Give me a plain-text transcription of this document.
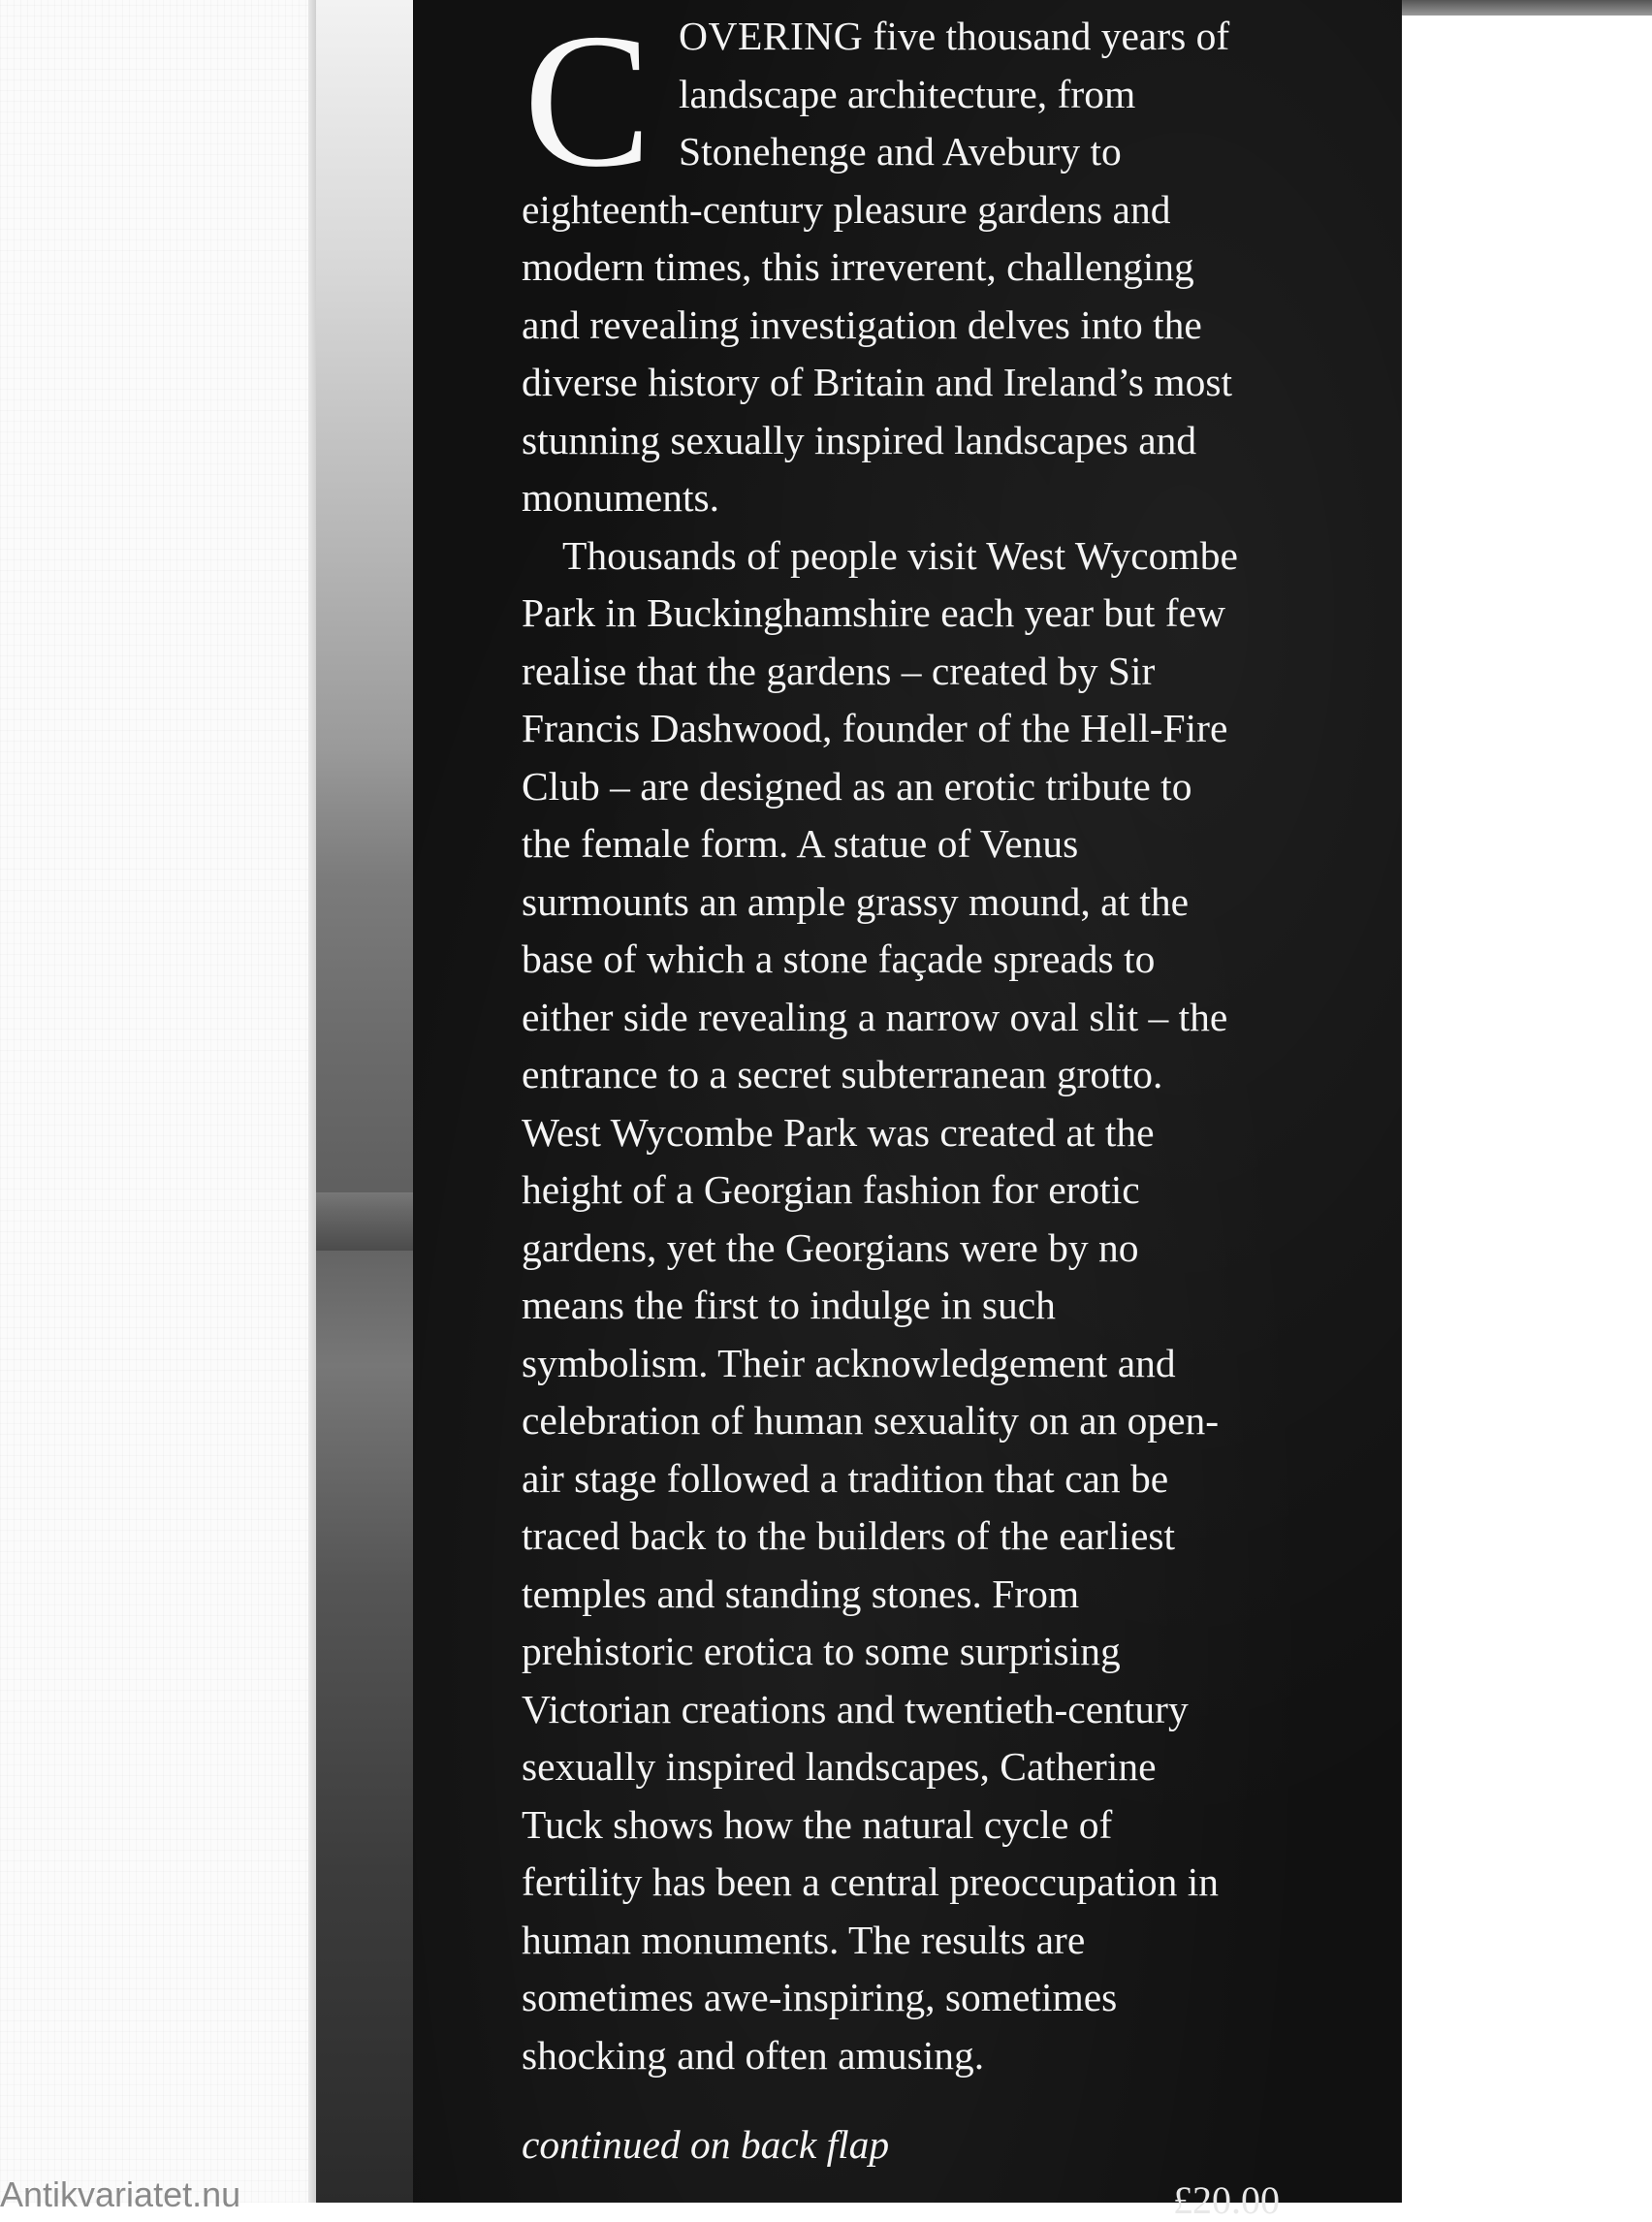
C OVERING five thousand years of
landscape architecture, from
Stonehenge and Avebury to
eighteenth-century pleasure gardens and
modern times, this irreverent, challenging
and revealing investigation delves into the
diverse history of Britain and Ireland’s most
stunning sexually inspired landscapes and
monuments.

Thousands of people visit West Wycombe
Park in Buckinghamshire each year but few
realise that the gardens – created by Sir
Francis Dashwood, founder of the Hell-Fire
Club – are designed as an erotic tribute to
the female form. A statue of Venus
surmounts an ample grassy mound, at the
base of which a stone façade spreads to
either side revealing a narrow oval slit – the
entrance to a secret subterranean grotto.
West Wycombe Park was created at the
height of a Georgian fashion for erotic
gardens, yet the Georgians were by no
means the first to indulge in such
symbolism. Their acknowledgement and
celebration of human sexuality on an open-
air stage followed a tradition that can be
traced back to the builders of the earliest
temples and standing stones. From
prehistoric erotica to some surprising
Victorian creations and twentieth-century
sexually inspired landscapes, Catherine
Tuck shows how the natural cycle of
fertility has been a central preoccupation in
human monuments. The results are
sometimes awe-inspiring, sometimes
shocking and often amusing.

continued on back flap
£20.00
Antikvariatet.nu
